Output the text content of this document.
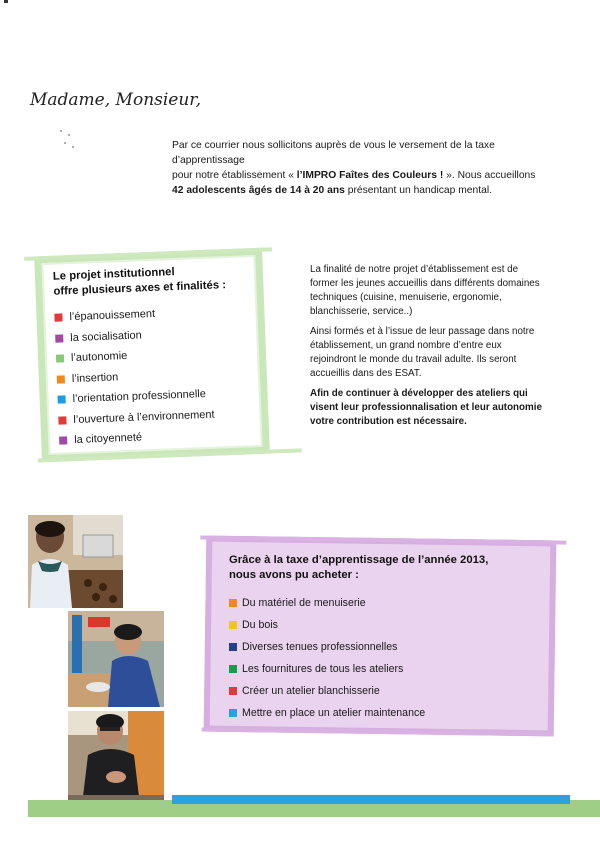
Madame, Monsieur,

Par ce courrier nous sollicitons auprès de vous le versement de la taxe d’apprentissage
pour notre établissement « l’IMPRO Faîtes des Couleurs ! ». Nous accueillons
42 adolescents âgés de 14 à 20 ans présentant un handicap mental.

Le projet institutionnel
offre plusieurs axes et finalités :
l’épanouissement
la socialisation
l’autonomie
l’insertion
l’orientation professionnelle
l’ouverture à l’environnement
la citoyenneté

La finalité de notre projet d’établissement est de former les jeunes accueillis dans différents domaines techniques (cuisine, menuiserie, ergonomie, blanchisserie, service..)

Ainsi formés et à l’issue de leur passage dans notre établissement, un grand nombre d’entre eux rejoindront le monde du travail adulte. Ils seront accueillis dans des ESAT.

Afin de continuer à développer des ateliers qui visent leur professionnalisation et leur autonomie votre contribution est nécessaire.

Grâce à la taxe d’apprentissage de l’année 2013,
nous avons pu acheter :
Du matériel de menuiserie
Du bois
Diverses tenues professionnelles
Les fournitures de tous les ateliers
Créer un atelier blanchisserie
Mettre en place un atelier maintenance
